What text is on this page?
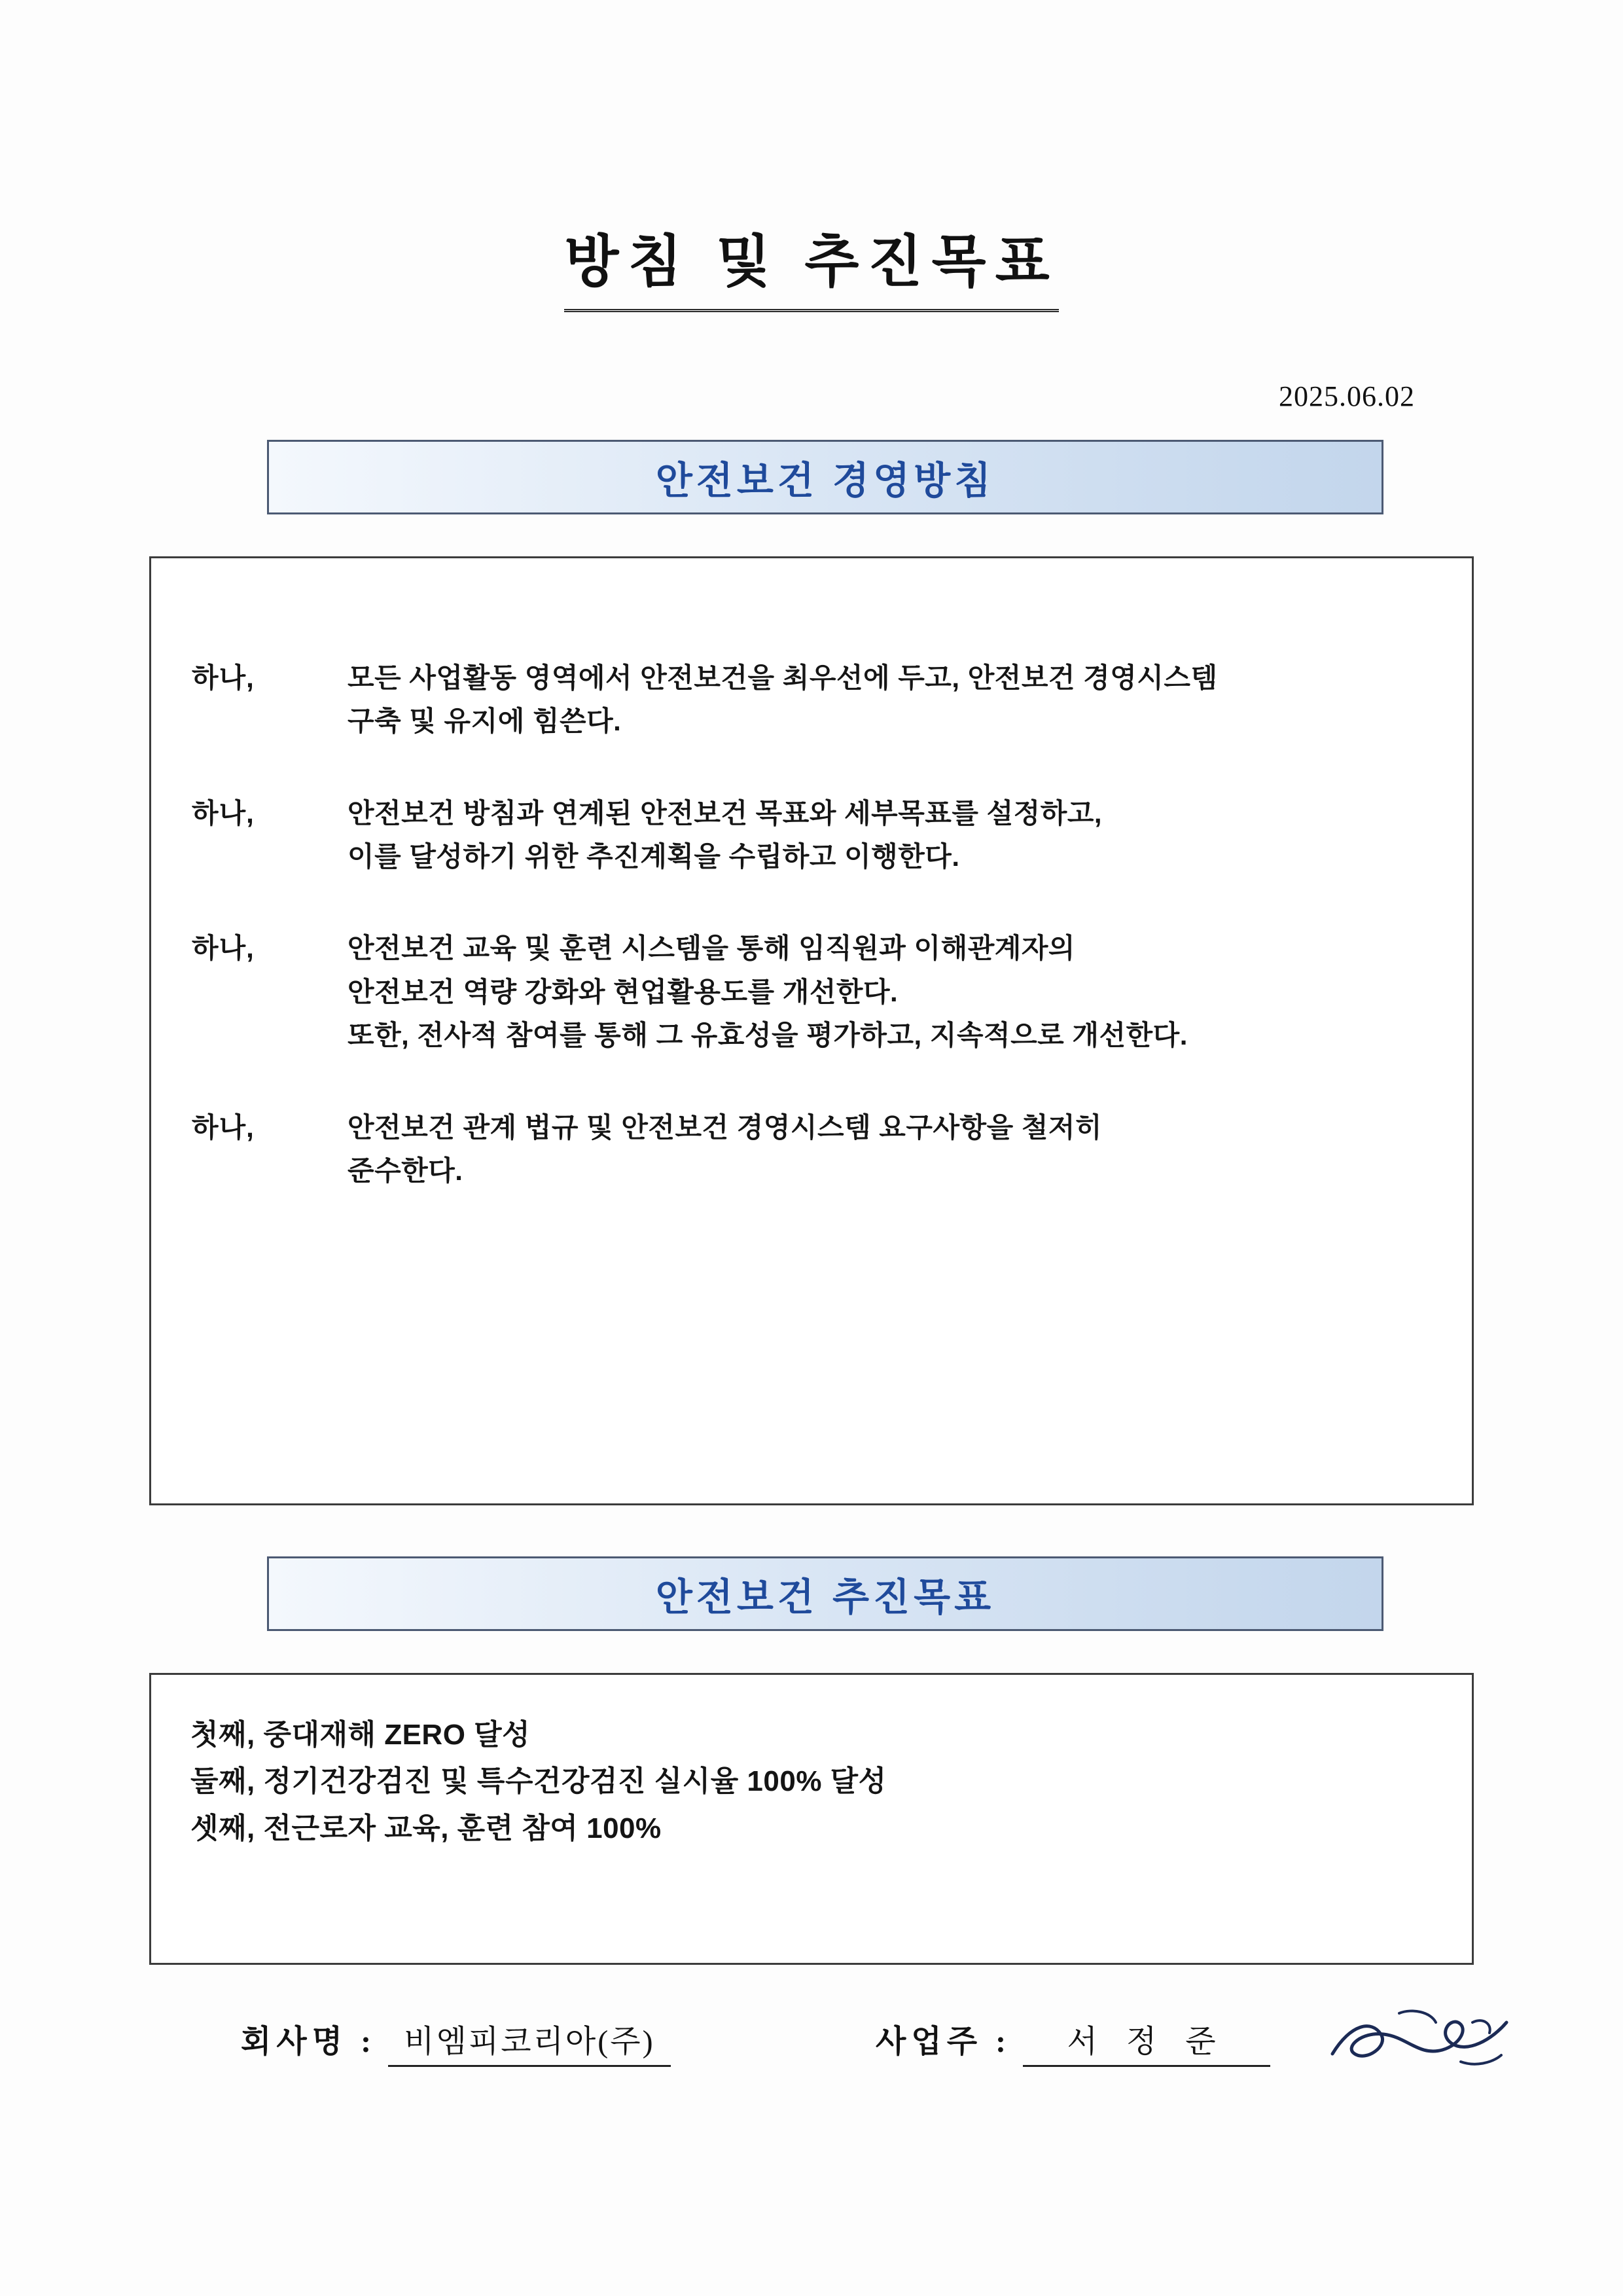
방침 및 추진목표
2025.06.02
안전보건 경영방침
하나,	모든 사업활동 영역에서 안전보건을 최우선에 두고, 안전보건 경영시스템
구축 및 유지에 힘쓴다.
하나,	안전보건 방침과 연계된 안전보건 목표와 세부목표를 설정하고,
이를 달성하기 위한 추진계획을 수립하고 이행한다.
하나,	안전보건 교육 및 훈련 시스템을 통해 임직원과 이해관계자의
안전보건 역량 강화와 현업활용도를 개선한다.
또한, 전사적 참여를 통해 그 유효성을 평가하고, 지속적으로 개선한다.
하나,	안전보건 관계 법규 및 안전보건 경영시스템 요구사항을 철저히
준수한다.
안전보건 추진목표
첫째, 중대재해 ZERO 달성
둘째, 정기건강검진 및 특수건강검진 실시율 100% 달성
셋째, 전근로자 교육, 훈련 참여 100%
회사명 : 비엠피코리아(주)	사업주 :	서 정 준
